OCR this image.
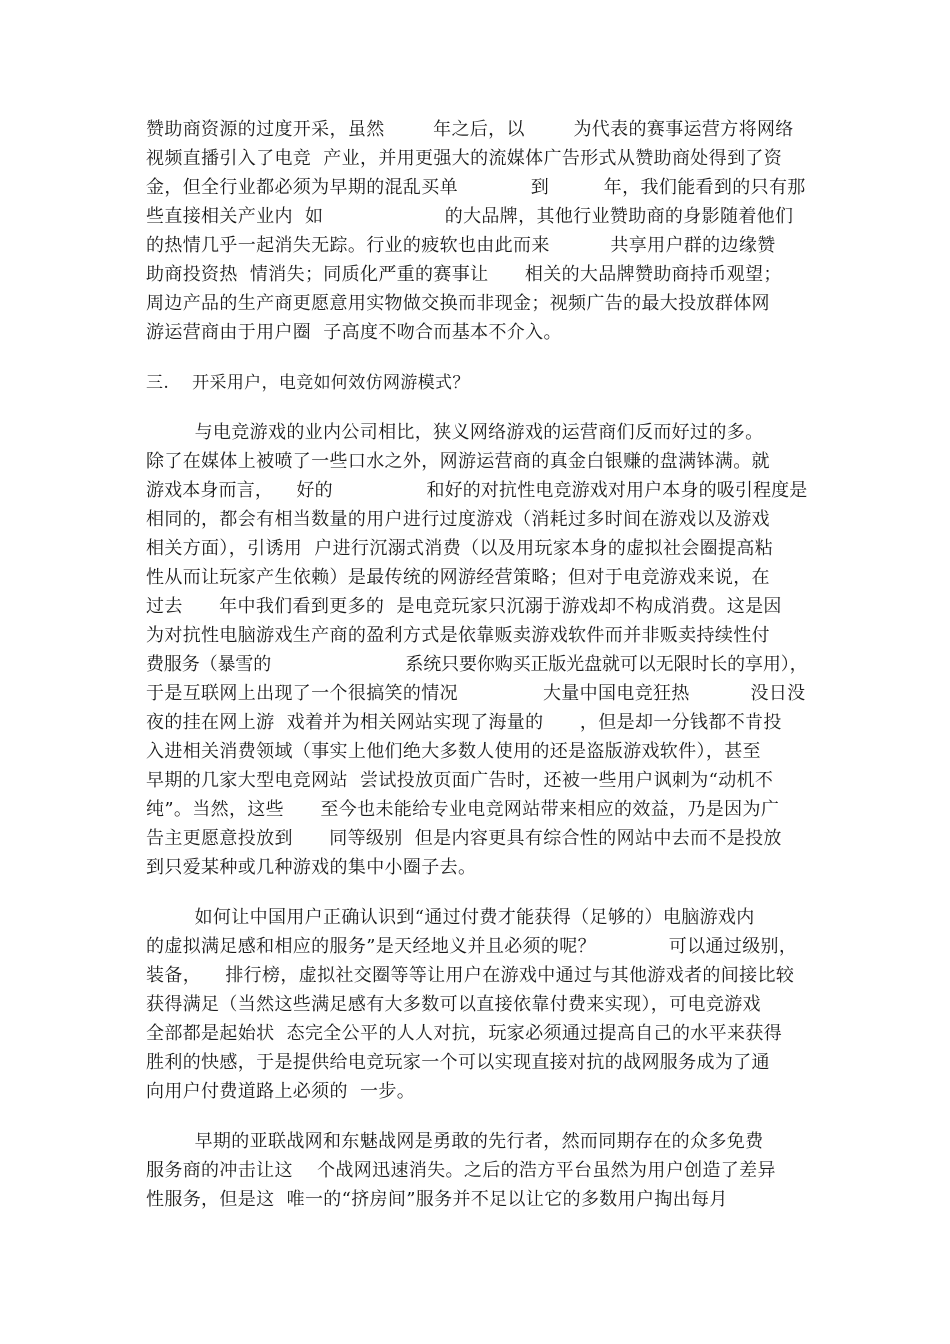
赞助商资源的过度开采，虽然        年之后，以        为代表的赛事运营方将网络
视频直播引入了电竞  产业，并用更强大的流媒体广告形式从赞助商处得到了资
金，但全行业都必须为早期的混乱买单            到         年，我们能看到的只有那
些直接相关产业内  如                    的大品牌，其他行业赞助商的身影随着他们
的热情几乎一起消失无踪。行业的疲软也由此而来          共享用户群的边缘赞
助商投资热  情消失；同质化严重的赛事让      相关的大品牌赞助商持币观望；
周边产品的生产商更愿意用实物做交换而非现金；视频广告的最大投放群体网
游运营商由于用户圈  子高度不吻合而基本不介入。
三.    开采用户，电竞如何效仿网游模式？
与电竞游戏的业内公司相比，狭义网络游戏的运营商们反而好过的多。
除了在媒体上被喷了一些口水之外，网游运营商的真金白银赚的盘满钵满。就
游戏本身而言，    好的                和好的对抗性电竞游戏对用户本身的吸引程度是
相同的，都会有相当数量的用户进行过度游戏（消耗过多时间在游戏以及游戏
相关方面），引诱用  户进行沉溺式消费（以及用玩家本身的虚拟社会圈提高粘
性从而让玩家产生依赖）是最传统的网游经营策略；但对于电竞游戏来说，在
过去      年中我们看到更多的  是电竞玩家只沉溺于游戏却不构成消费。这是因
为对抗性电脑游戏生产商的盈利方式是依靠贩卖游戏软件而并非贩卖持续性付
费服务（暴雪的                        系统只要你购买正版光盘就可以无限时长的享用），
于是互联网上出现了一个很搞笑的情况              大量中国电竞狂热          没日没
夜的挂在网上游  戏着并为相关网站实现了海量的      ，但是却一分钱都不肯投
入进相关消费领域（事实上他们绝大多数人使用的还是盗版游戏软件），甚至
早期的几家大型电竞网站  尝试投放页面广告时，还被一些用户讽刺为“动机不
纯”。当然，这些      至今也未能给专业电竞网站带来相应的效益，乃是因为广
告主更愿意投放到      同等级别  但是内容更具有综合性的网站中去而不是投放
到只爱某种或几种游戏的集中小圈子去。
如何让中国用户正确认识到“通过付费才能获得（足够的）电脑游戏内
的虚拟满足感和相应的服务”是天经地义并且必须的呢？            可以通过级别，
装备，    排行榜，虚拟社交圈等等让用户在游戏中通过与其他游戏者的间接比较
获得满足（当然这些满足感有大多数可以直接依靠付费来实现），可电竞游戏
全部都是起始状  态完全公平的人人对抗，玩家必须通过提高自己的水平来获得
胜利的快感，于是提供给电竞玩家一个可以实现直接对抗的战网服务成为了通
向用户付费道路上必须的  一步。
早期的亚联战网和东魅战网是勇敢的先行者，然而同期存在的众多免费
服务商的冲击让这    个战网迅速消失。之后的浩方平台虽然为用户创造了差异
性服务，但是这  唯一的“挤房间”服务并不足以让它的多数用户掏出每月
